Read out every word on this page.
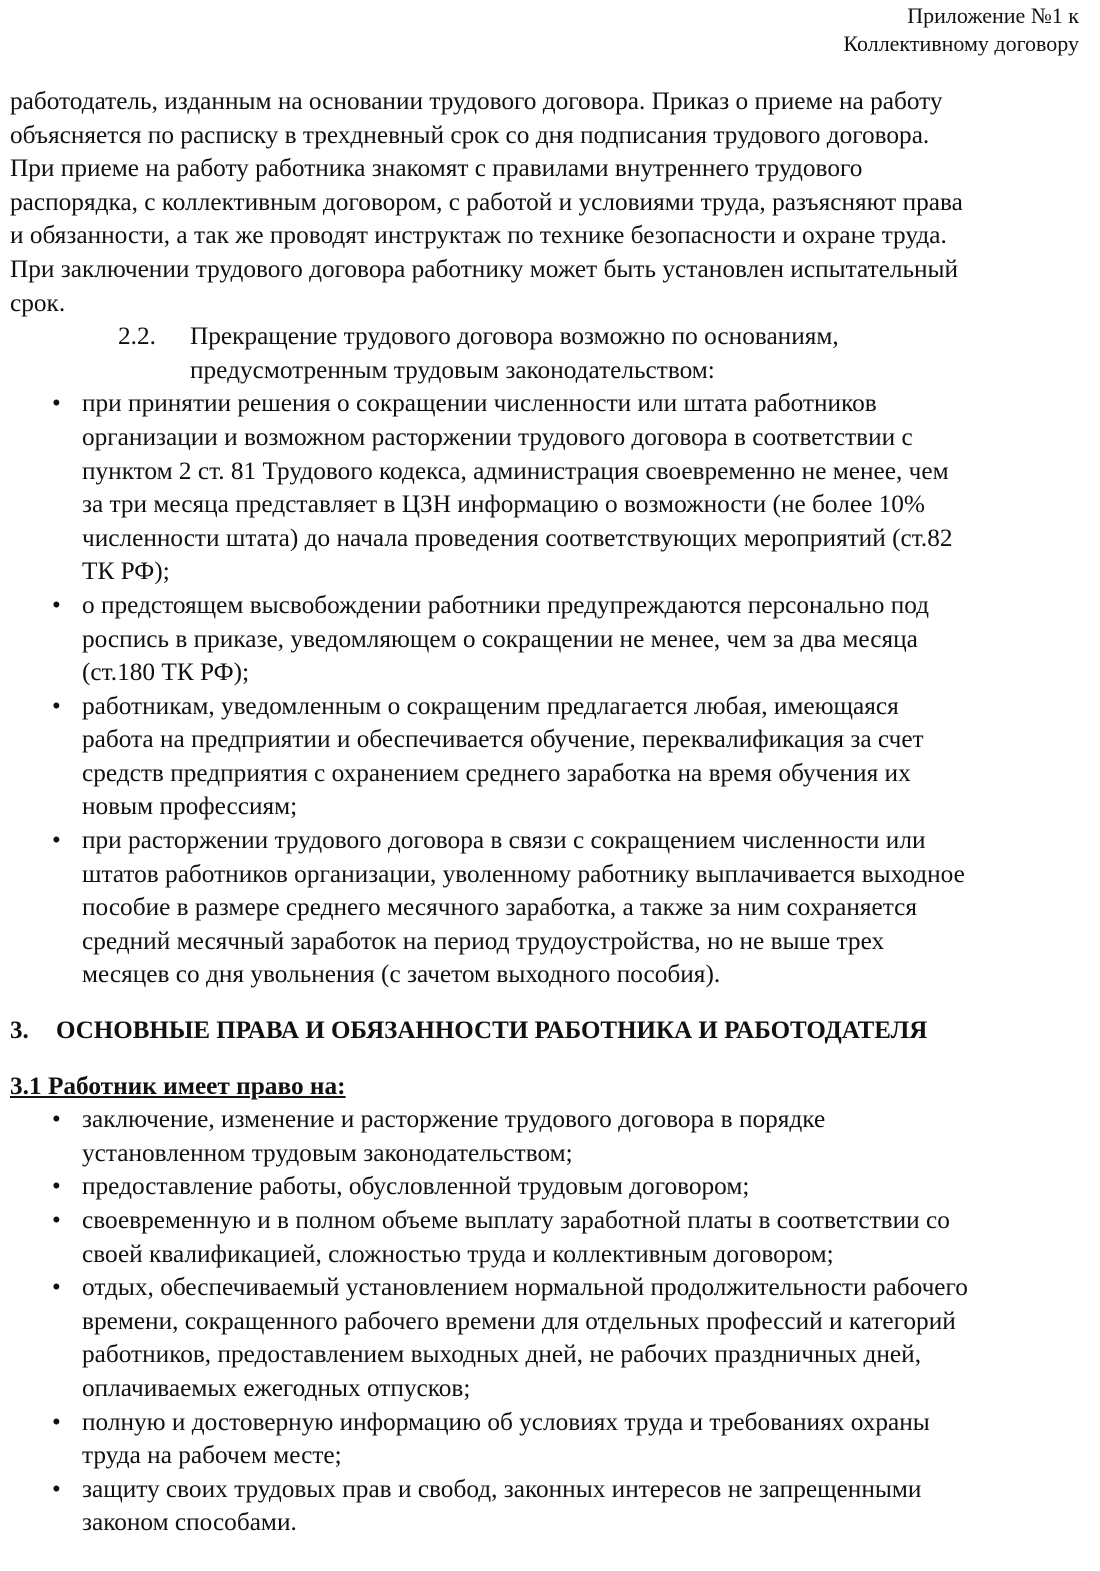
Приложение №1 к
Коллективному договору

работодатель, изданным на основании трудового договора. Приказ о приеме на работу

объясняется по расписку в трехдневный срок со дня подписания трудового договора.

При приеме на работу работника знакомят с правилами внутреннего трудового

распорядка, с коллективным договором, с работой и условиями труда, разъясняют права

и обязанности, а так же проводят инструктаж по технике безопасности и охране труда.

При заключении трудового договора работнику может быть установлен испытательный

срок.

2.2.	Прекращение трудового договора возможно по основаниям,
предусмотренным трудовым законодательством:
• при принятии решения о сокращении численности или штата работников
организации и возможном расторжении трудового договора в соответствии с
пунктом 2 ст. 81 Трудового кодекса, администрация своевременно не менее, чем
за три месяца представляет в ЦЗН информацию о возможности (не более 10%
численности штата) до начала проведения соответствующих мероприятий (ст.82
ТК РФ);
• о предстоящем высвобождении работники предупреждаются персонально под
роспись в приказе, уведомляющем о сокращении не менее, чем за два месяца
(ст.180 ТК РФ);
• работникам, уведомленным о сокращеним предлагается любая, имеющаяся
работа на предприятии и обеспечивается обучение, переквалификация за счет
средств предприятия с охранением среднего заработка на время обучения их
новым профессиям;
• при расторжении трудового договора в связи с сокращением численности или
штатов работников организации, уволенному работнику выплачивается выходное
пособие в размере среднего месячного заработка, а также за ним сохраняется
средний месячный заработок на период трудоустройства, но не выше трех
месяцев со дня увольнения (с зачетом выходного пособия).
3.	ОСНОВНЫЕ ПРАВА И ОБЯЗАННОСТИ РАБОТНИКА И РАБОТОДАТЕЛЯ
3.1 Работник имеет право на:
• заключение, изменение и расторжение трудового договора в порядке
установленном трудовым законодательством;
• предоставление работы, обусловленной трудовым договором;
• своевременную и в полном объеме выплату заработной платы в соответствии со
своей квалификацией, сложностью труда и коллективным договором;
• отдых, обеспечиваемый установлением нормальной продолжительности рабочего
времени, сокращенного рабочего времени для отдельных профессий и категорий
работников, предоставлением выходных дней, не рабочих праздничных дней,
оплачиваемых ежегодных отпусков;
• полную и достоверную информацию об условиях труда и требованиях охраны
труда на рабочем месте;
• защиту своих трудовых прав и свобод, законных интересов не запрещенными
законом способами.
